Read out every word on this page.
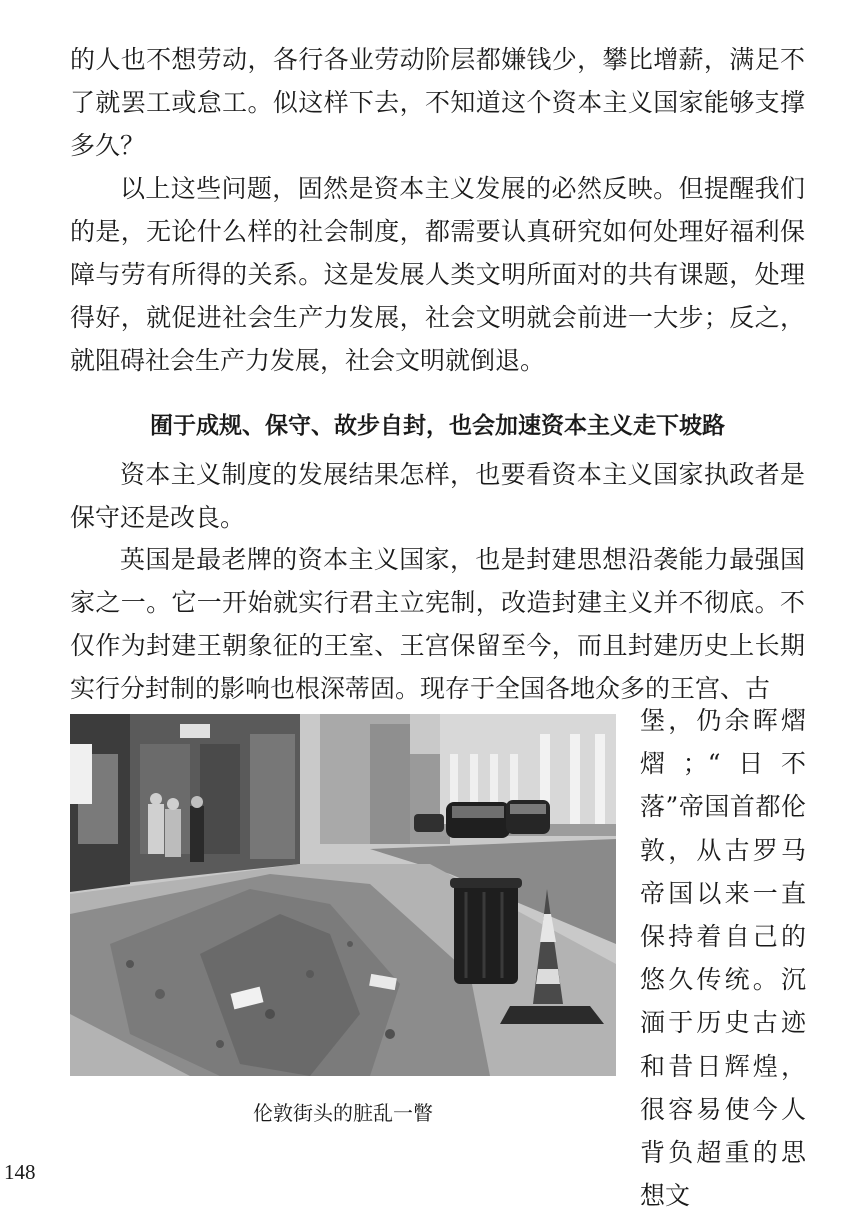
的人也不想劳动，各行各业劳动阶层都嫌钱少，攀比增薪，满足不了就罢工或怠工。似这样下去，不知道这个资本主义国家能够支撑多久？

以上这些问题，固然是资本主义发展的必然反映。但提醒我们的是，无论什么样的社会制度，都需要认真研究如何处理好福利保障与劳有所得的关系。这是发展人类文明所面对的共有课题，处理得好，就促进社会生产力发展，社会文明就会前进一大步；反之，就阻碍社会生产力发展，社会文明就倒退。

囿于成规、保守、故步自封，也会加速资本主义走下坡路

资本主义制度的发展结果怎样，也要看资本主义国家执政者是保守还是改良。

英国是最老牌的资本主义国家，也是封建思想沿袭能力最强国家之一。它一开始就实行君主立宪制，改造封建主义并不彻底。不仅作为封建王朝象征的王室、王宫保留至今，而且封建历史上长期实行分封制的影响也根深蒂固。现存于全国各地众多的王宫、古

伦敦街头的脏乱一瞥

堡，仍余晖熠熠；“日不落”帝国首都伦敦，从古罗马帝国以来一直保持着自己的悠久传统。沉湎于历史古迹和昔日辉煌，很容易使今人背负超重的思想文

148
